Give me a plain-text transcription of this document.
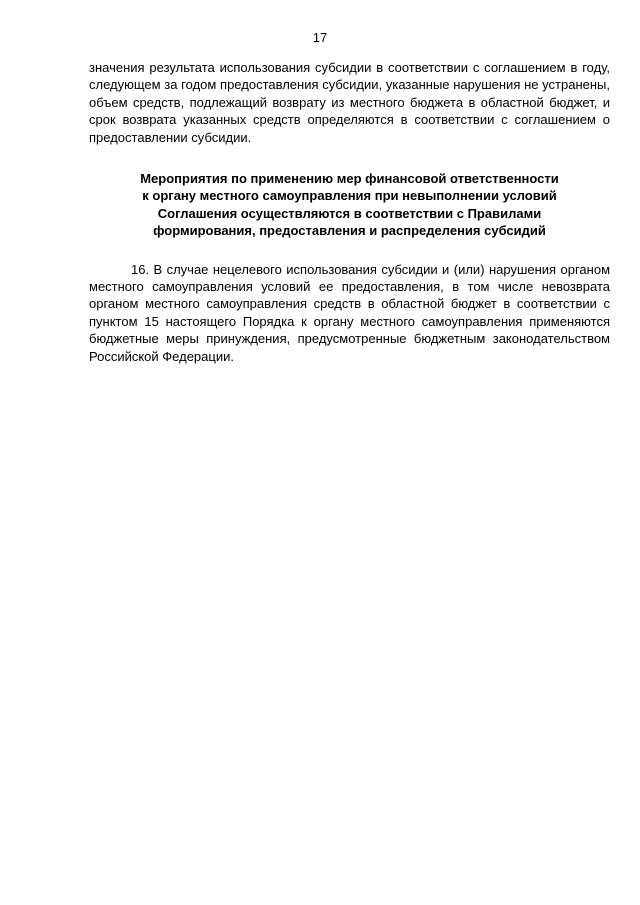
17

значения результата использования субсидии в соответствии с соглашением в году, следующем за годом предоставления субсидии, указанные нарушения не устранены, объем средств, подлежащий возврату из местного бюджета в областной бюджет, и срок возврата указанных средств определяются в соответствии с соглашением о предоставлении субсидии.

Мероприятия по применению мер финансовой ответственности
к органу местного самоуправления при невыполнении условий
Соглашения осуществляются в соответствии с Правилами
формирования, предоставления и распределения субсидий

16. В случае нецелевого использования субсидии и (или) нарушения органом местного самоуправления условий ее предоставления, в том числе невозврата органом местного самоуправления средств в областной бюджет в соответствии с пунктом 15 настоящего Порядка к органу местного самоуправления применяются бюджетные меры принуждения, предусмотренные бюджетным законодательством Российской Федерации.
